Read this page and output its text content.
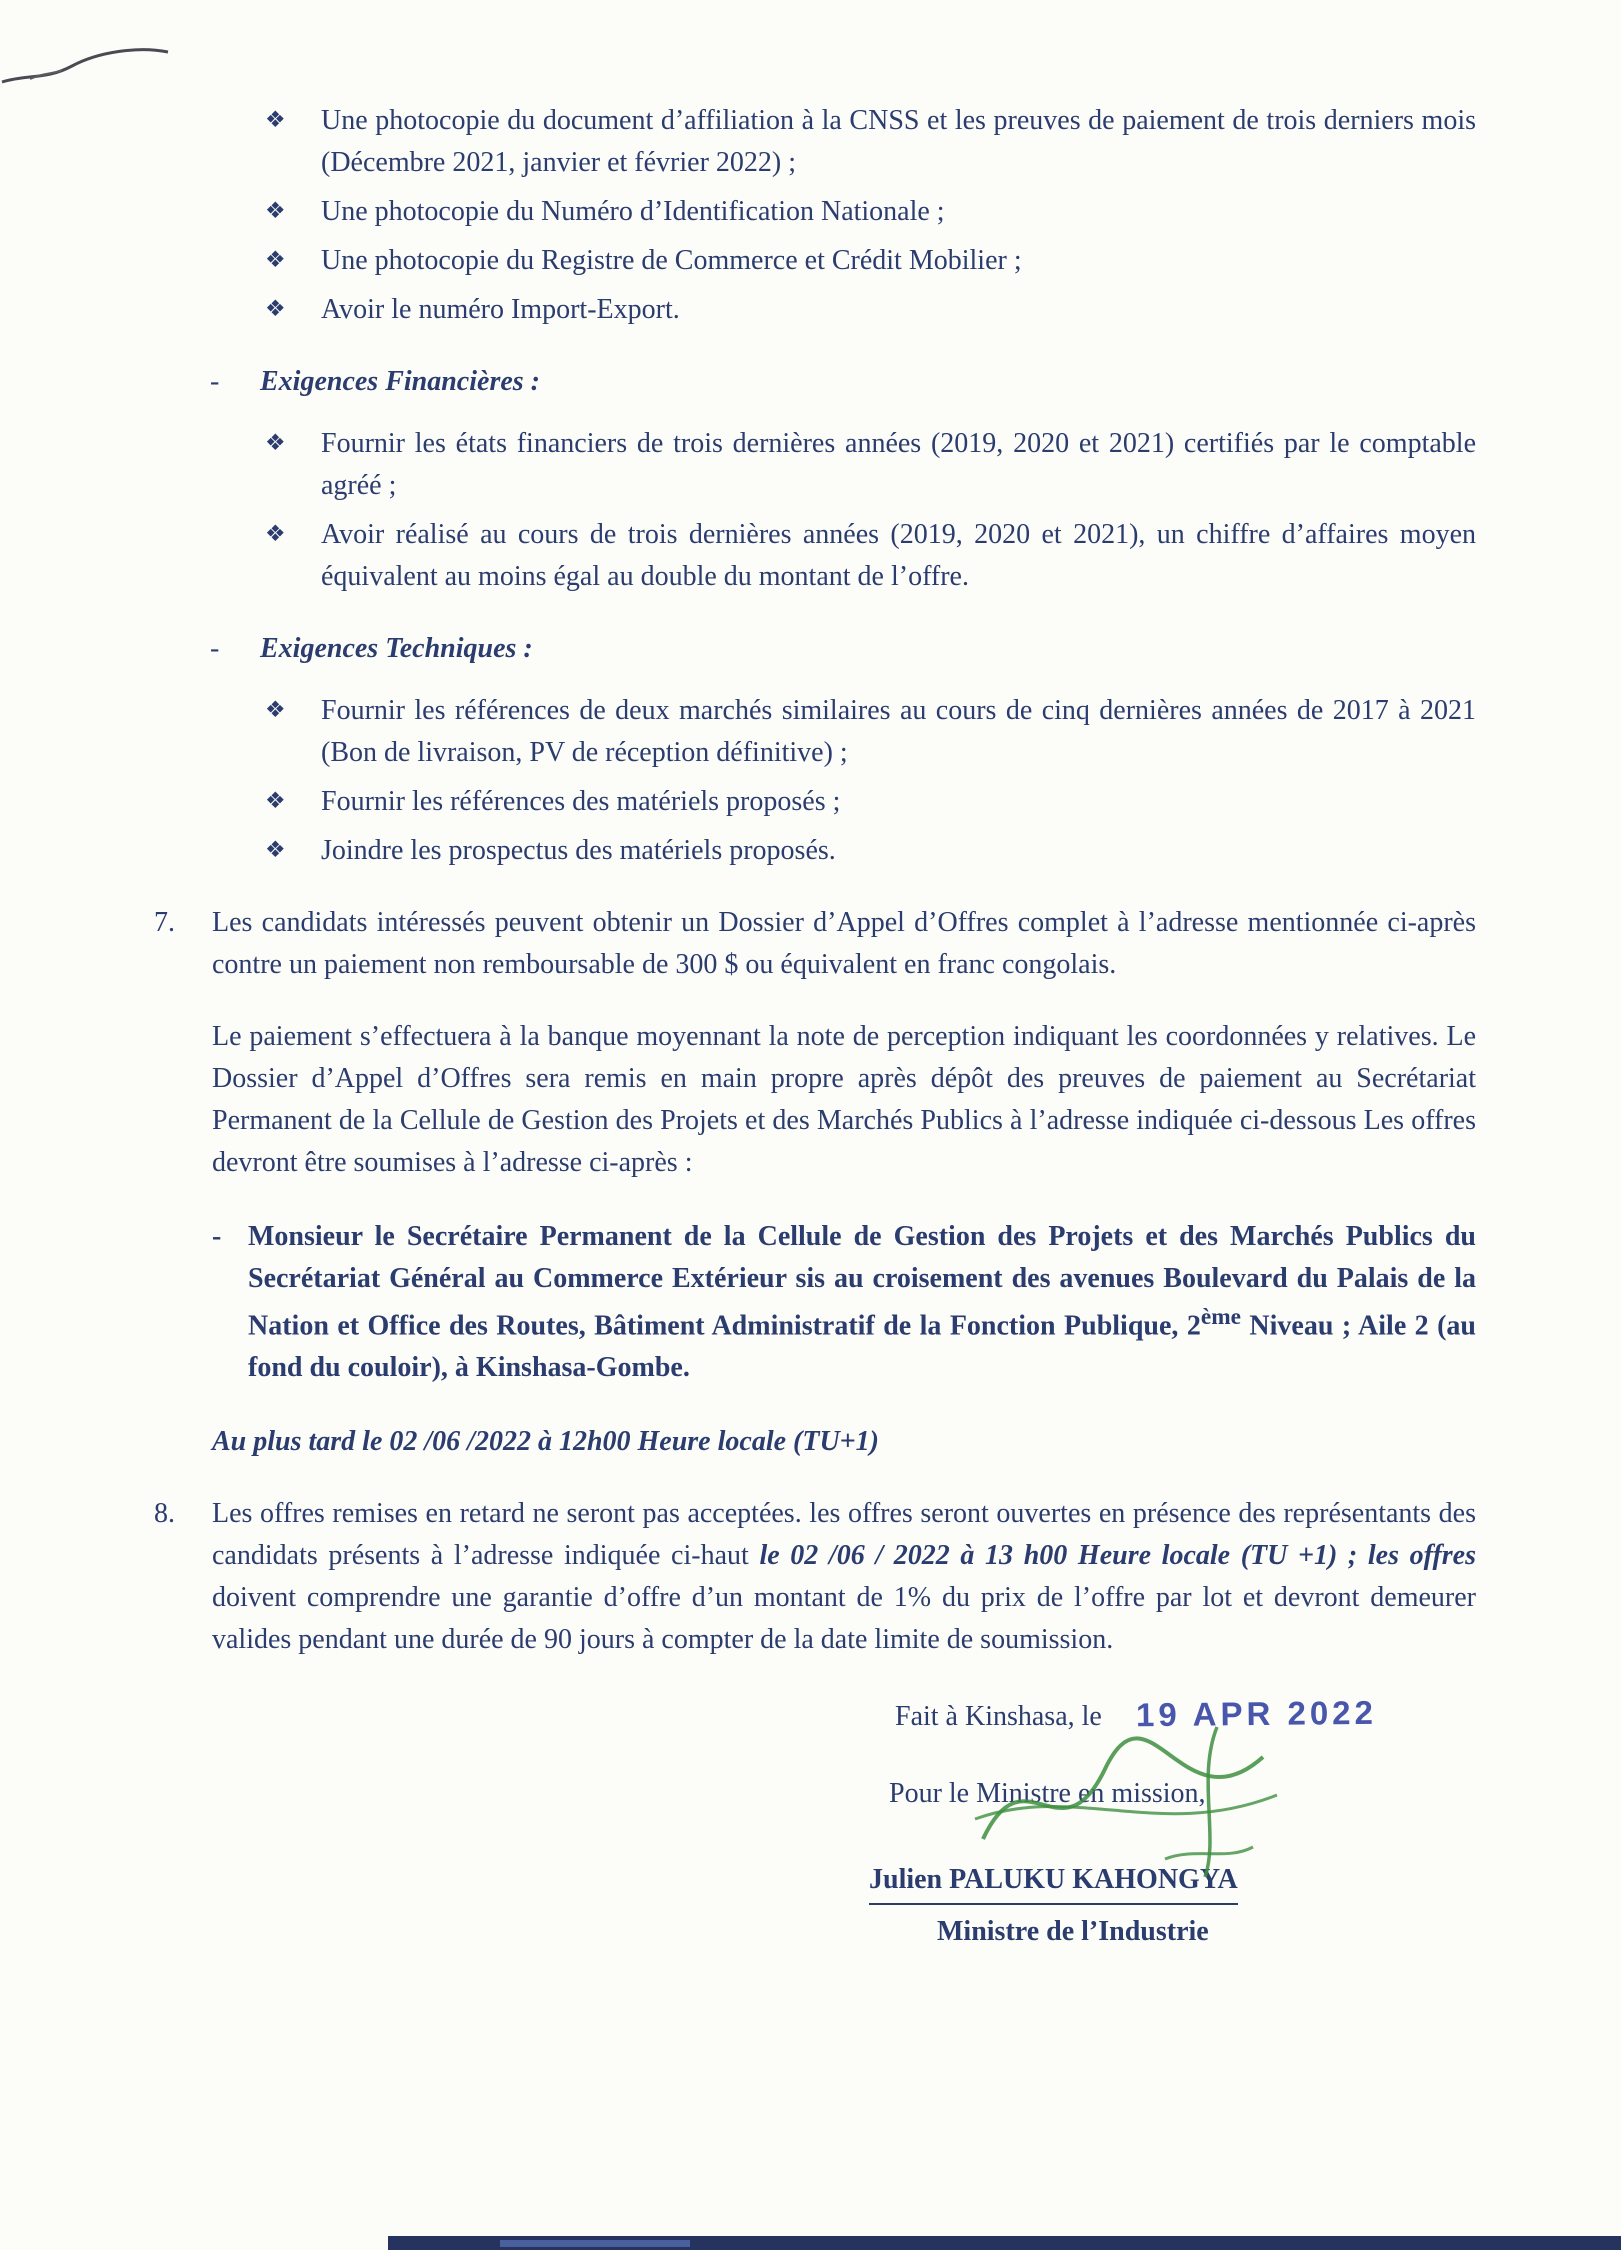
❖	Une photocopie du document d’affiliation à la CNSS et les preuves de paiement de trois derniers mois (Décembre 2021, janvier et février 2022) ;
❖	Une photocopie du Numéro d’Identification Nationale ;
❖	Une photocopie du Registre de Commerce et Crédit Mobilier ;
❖	Avoir le numéro Import-Export.
-	Exigences Financières :
❖	Fournir les états financiers de trois dernières années (2019, 2020 et 2021) certifiés par le comptable agréé ;
❖	Avoir réalisé au cours de trois dernières années (2019, 2020 et 2021), un chiffre d’affaires moyen équivalent au moins égal au double du montant de l’offre.
-	Exigences Techniques :
❖	Fournir les références de deux marchés similaires au cours de cinq dernières années de 2017 à 2021 (Bon de livraison, PV de réception définitive) ;
❖	Fournir les références des matériels proposés ;
❖	Joindre les prospectus des matériels proposés.
7.	Les candidats intéressés peuvent obtenir un Dossier d’Appel d’Offres complet à l’adresse mentionnée ci-après contre un paiement non remboursable de 300 $ ou équivalent en franc congolais.
Le paiement s’effectuera à la banque moyennant la note de perception indiquant les coordonnées y relatives. Le Dossier d’Appel d’Offres sera remis en main propre après dépôt des preuves de paiement au Secrétariat Permanent de la Cellule de Gestion des Projets et des Marchés Publics à l’adresse indiquée ci-dessous Les offres devront être soumises à l’adresse ci-après :
- Monsieur le Secrétaire Permanent de la Cellule de Gestion des Projets et des Marchés Publics du Secrétariat Général au Commerce Extérieur sis au croisement des avenues Boulevard du Palais de la Nation et Office des Routes, Bâtiment Administratif de la Fonction Publique, 2ème Niveau ; Aile 2 (au fond du couloir), à Kinshasa-Gombe.
Au plus tard le 02 /06 /2022 à 12h00 Heure locale (TU+1)
8.	Les offres remises en retard ne seront pas acceptées. les offres seront ouvertes en présence des représentants des candidats présents à l’adresse indiquée ci-haut le 02 /06 / 2022 à 13 h00 Heure locale (TU +1) ; les offres doivent comprendre une garantie d’offre d’un montant de 1% du prix de l’offre par lot et devront demeurer valides pendant une durée de 90 jours à compter de la date limite de soumission.
Fait à Kinshasa, le 19 APR 2022
Pour le Ministre en mission,
Julien PALUKU KAHONGYA
Ministre de l’Industrie
